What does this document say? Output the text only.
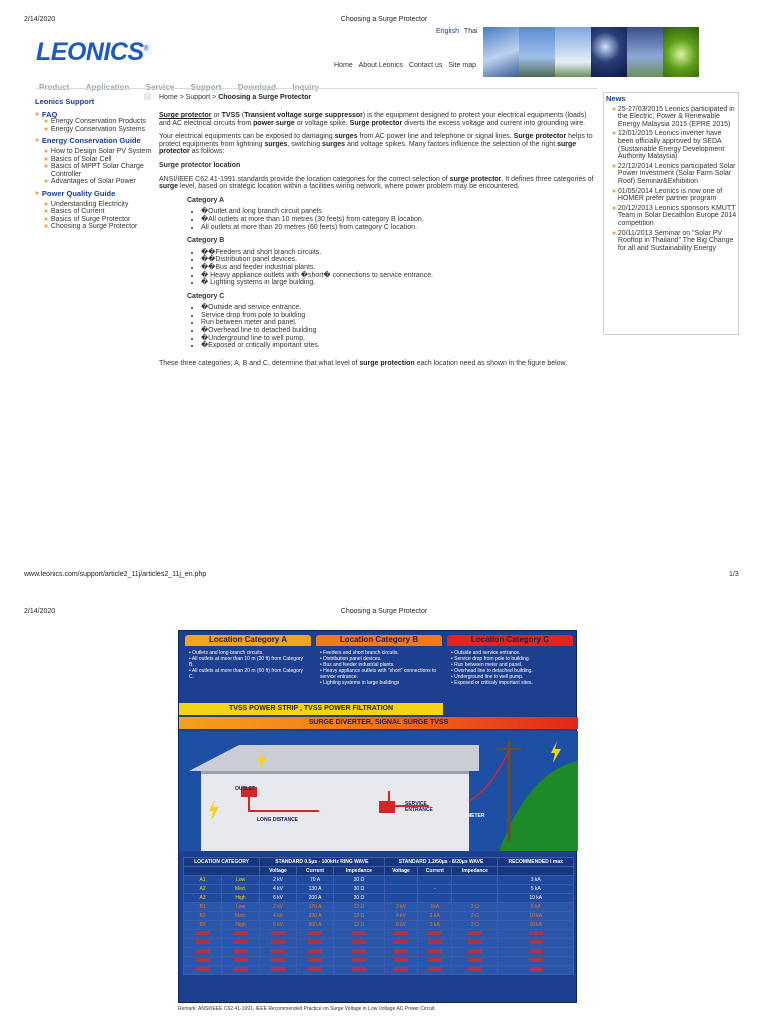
2/14/2020	Choosing a Surge Protector
LEONICS®
English Thai
Home About Leonics Contact us Site map
Leonics Support
» FAQ
» Energy Conservation Products
» Energy Conservation Systems
» Energy Conservation Guide
» How to Design Solar PV System
» Basics of Solar Cell
» Basics of MPPT Solar Charge Controller
» Advantages of Solar Power
» Power Quality Guide
» Understanding Electricity
» Basics of Current
» Basics of Surge Protector
» Choosing a Surge Protector
Home > Support > Choosing a Surge Protector

Surge protector or TVSS (Transient voltage surge suppressor) is the equipment designed to protect your electrical equipments (loads) and AC electrical circuits from power surge or voltage spike. Surge protector diverts the excess voltage and current into grounding wire.

Your electrical equipments can be exposed to damaging surges from AC power line and telephone or signal lines. Surge protector helps to protect equipments from lightning surges, switching surges and voltage spikes. Many factors influence the selection of the right surge protector as follows:

Surge protector location

ANSI/IEEE C62.41-1991 standards provide the location categories for the correct selection of surge protector. It defines three categories of surge level, based on strategic location within a facilities wiring network, where power problem may be encountered.

Category A
• �Outlet and long branch circuit panels
• �All outlets at more than 10 metres (30 feets) from category B location.
• All outlets at more than 20 metres (60 feets) from category C location.
Category B
• ��Feeders and short branch circuits.
• ��Distribution panel devices.
• ��Bus and feeder industrial plants.
• � Heavy appliance outlets with �short� connections to service entrance.
• � Lighting systems in large building.
Category C
• �Outside and service entrance.
• Service drop from pole to building
• Run between meter and panel.
• �Overhead line to detached building
• �Underground line to well pump.
• �Exposed or critically important sites.

These three categories; A, B and C, determine that what level of surge protection each location need as shown in the figure below.

News
» 25-27/03/2015 Leonics participated in the Electric, Power & Renewable Energy Malaysia 2015 (EPRE 2015)
» 12/01/2015 Leonics inverter have been officially approved by SEDA (Sustainable Energy Development Authority Malaysia)
» 22/12/2014 Leonics participated Solar Power Investment (Solar Farm Solar Roof) Seminar&Exhibition
» 01/05/2014 Leonics is now one of HOMER prefer partner program
» 20/12/2013 Leonics sponsors KMUTT Team in Solar Decathlon Europe 2014 competition
» 20/11/2013 Seminar on "Solar PV Rooftop in Thailand" The Big Change for all and Sustainability Energy
www.leonics.com/support/article2_11j/articles2_11j_en.php	1/3
2/14/2020	Choosing a Surge Protector
Location Category A	Location Category B	Location Category C
• Outlets and long branch circuits.
• All outlets at more than 10 m (30 ft) from Category B.
• All outlets at more than 20 m (60 ft) from Category C.
• Feeders and short branch circuits.
• Distribution panel devices.
• Bus and feeder industrial plants.
• Heavy appliance outlets with "short" connections to service entrance.
• Lighting systems in large buildings
• Outside and service entrance.
• Service drop from pole to building.
• Run between meter and panel.
• Overhead line to detached building.
• Underground line to well pump.
• Exposed or criticaly important sites.
TVSS POWER STRIP , TVSS POWER FILTRATION
SURGE DIVERTER, SIGNAL SURGE TVSS
OUTLET
LONG DISTANCE
SERVICE ENTRANCE
METER
LOCATION CATEGORY		STANDARD 0.5μs - 100kHz RING WAVE			STANDARD 1.2/50μs - 8/20μs WAVE			RECOMMENDED I max
		Voltage	Current	Impedance	Voltage	Current	Impedance	
A1	Low	2 kV	70 A	30 Ω				3 kA
A2	Med.	4 kV	130 A	30 Ω		-		5 kA
A3	High	6 kV	200 A	30 Ω				10 kA
B1	Low	2 kV	170 A	12 Ω	2 kV	1kA	2 Ω	5 kA
B2	Med.	4 kV	330 A	12 Ω	4 kV	2 kA	2 Ω	10 kA
B3	High	6 kV	500 A	12 Ω	6 kV	3 kA	2 Ω	20 kA

Remark: ANSI/IEEE C62.41-1991, IEEE Recommended Practice on Surge Voltage in Low Voltage AC Power Circuit.
